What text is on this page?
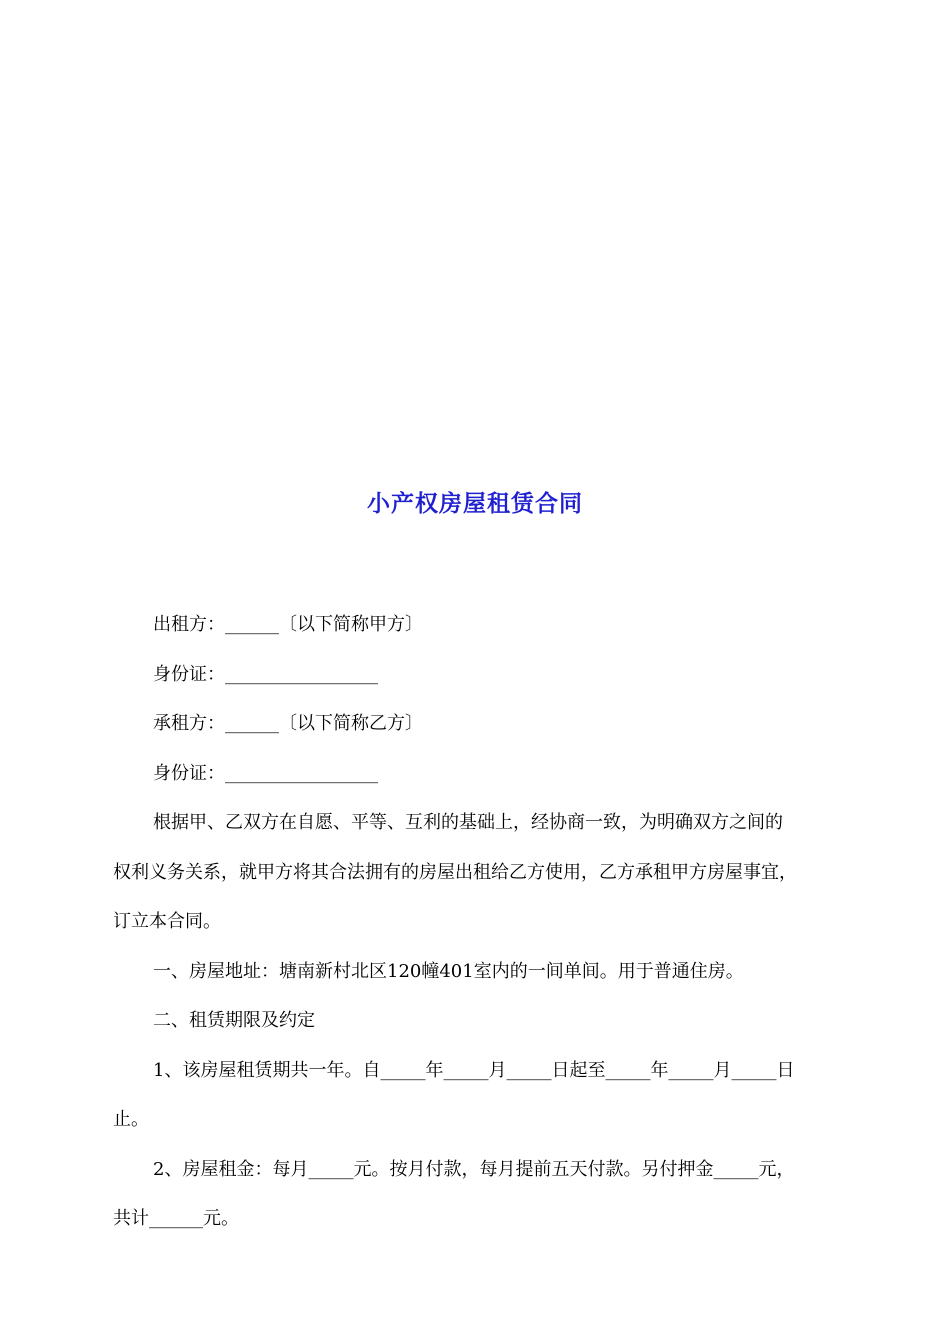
小产权房屋租赁合同

出租方：______〔以下简称甲方〕

身份证：_________________

承租方：______〔以下简称乙方〕

身份证：_________________

根据甲、乙双方在自愿、平等、互利的基础上，经协商一致，为明确双方之间的

权利义务关系，就甲方将其合法拥有的房屋出租给乙方使用，乙方承租甲方房屋事宜，

订立本合同。

一、房屋地址：塘南新村北区120幢401室内的一间单间。用于普通住房。

二、租赁期限及约定

1、该房屋租赁期共一年。自_____年_____月_____日起至_____年_____月_____日

止。

2、房屋租金：每月_____元。按月付款，每月提前五天付款。另付押金_____元，

共计______元。
